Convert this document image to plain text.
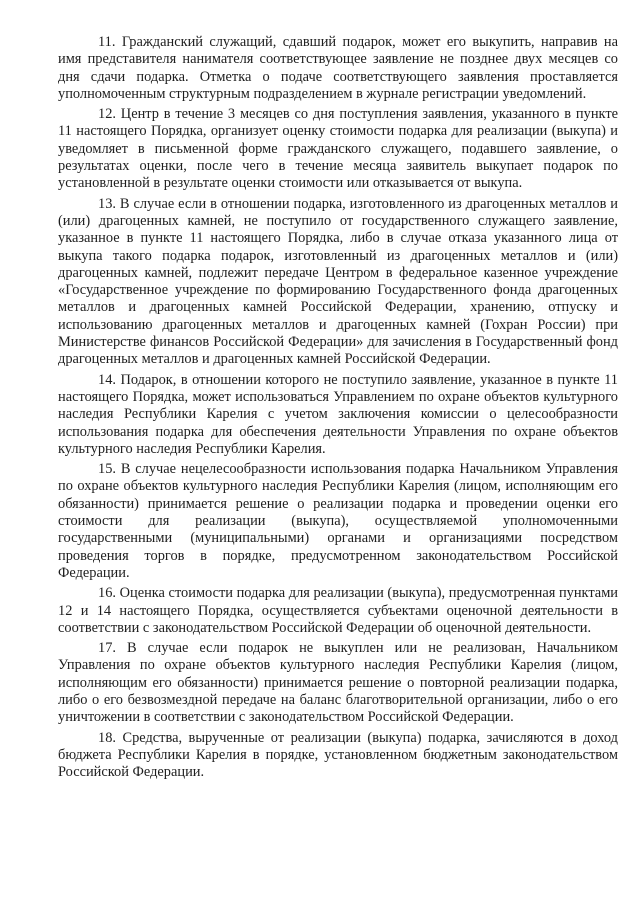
11. Гражданский служащий, сдавший подарок, может его выкупить, направив на имя представителя нанимателя соответствующее заявление не позднее двух месяцев со дня сдачи подарка. Отметка о подаче соответствующего заявления проставляется уполномоченным структурным подразделением в журнале регистрации уведомлений.

12. Центр в течение 3 месяцев со дня поступления заявления, указанного в пункте 11 настоящего Порядка, организует оценку стоимости подарка для реализации (выкупа) и уведомляет в письменной форме гражданского служащего, подавшего заявление, о результатах оценки, после чего в течение месяца заявитель выкупает подарок по установленной в результате оценки стоимости или отказывается от выкупа.

13. В случае если в отношении подарка, изготовленного из драгоценных металлов и (или) драгоценных камней, не поступило от государственного служащего заявление, указанное в пункте 11 настоящего Порядка, либо в случае отказа указанного лица от выкупа такого подарка подарок, изготовленный из драгоценных металлов и (или) драгоценных камней, подлежит передаче Центром в федеральное казенное учреждение «Государственное учреждение по формированию Государственного фонда драгоценных металлов и драгоценных камней Российской Федерации, хранению, отпуску и использованию драгоценных металлов и драгоценных камней (Гохран России) при Министерстве финансов Российской Федерации» для зачисления в Государственный фонд драгоценных металлов и драгоценных камней Российской Федерации.

14. Подарок, в отношении которого не поступило заявление, указанное в пункте 11 настоящего Порядка, может использоваться Управлением по охране объектов культурного наследия Республики Карелия с учетом заключения комиссии о целесообразности использования подарка для обеспечения деятельности Управления по охране объектов культурного наследия Республики Карелия.

15. В случае нецелесообразности использования подарка Начальником Управления по охране объектов культурного наследия Республики Карелия (лицом, исполняющим его обязанности) принимается решение о реализации подарка и проведении оценки его стоимости для реализации (выкупа), осуществляемой уполномоченными государственными (муниципальными) органами и организациями посредством проведения торгов в порядке, предусмотренном законодательством Российской Федерации.

16. Оценка стоимости подарка для реализации (выкупа), предусмотренная пунктами 12 и 14 настоящего Порядка, осуществляется субъектами оценочной деятельности в соответствии с законодательством Российской Федерации об оценочной деятельности.

17. В случае если подарок не выкуплен или не реализован, Начальником Управления по охране объектов культурного наследия Республики Карелия (лицом, исполняющим его обязанности) принимается решение о повторной реализации подарка, либо о его безвозмездной передаче на баланс благотворительной организации, либо о его уничтожении в соответствии с законодательством Российской Федерации.

18. Средства, вырученные от реализации (выкупа) подарка, зачисляются в доход бюджета Республики Карелия в порядке, установленном бюджетным законодательством Российской Федерации.
